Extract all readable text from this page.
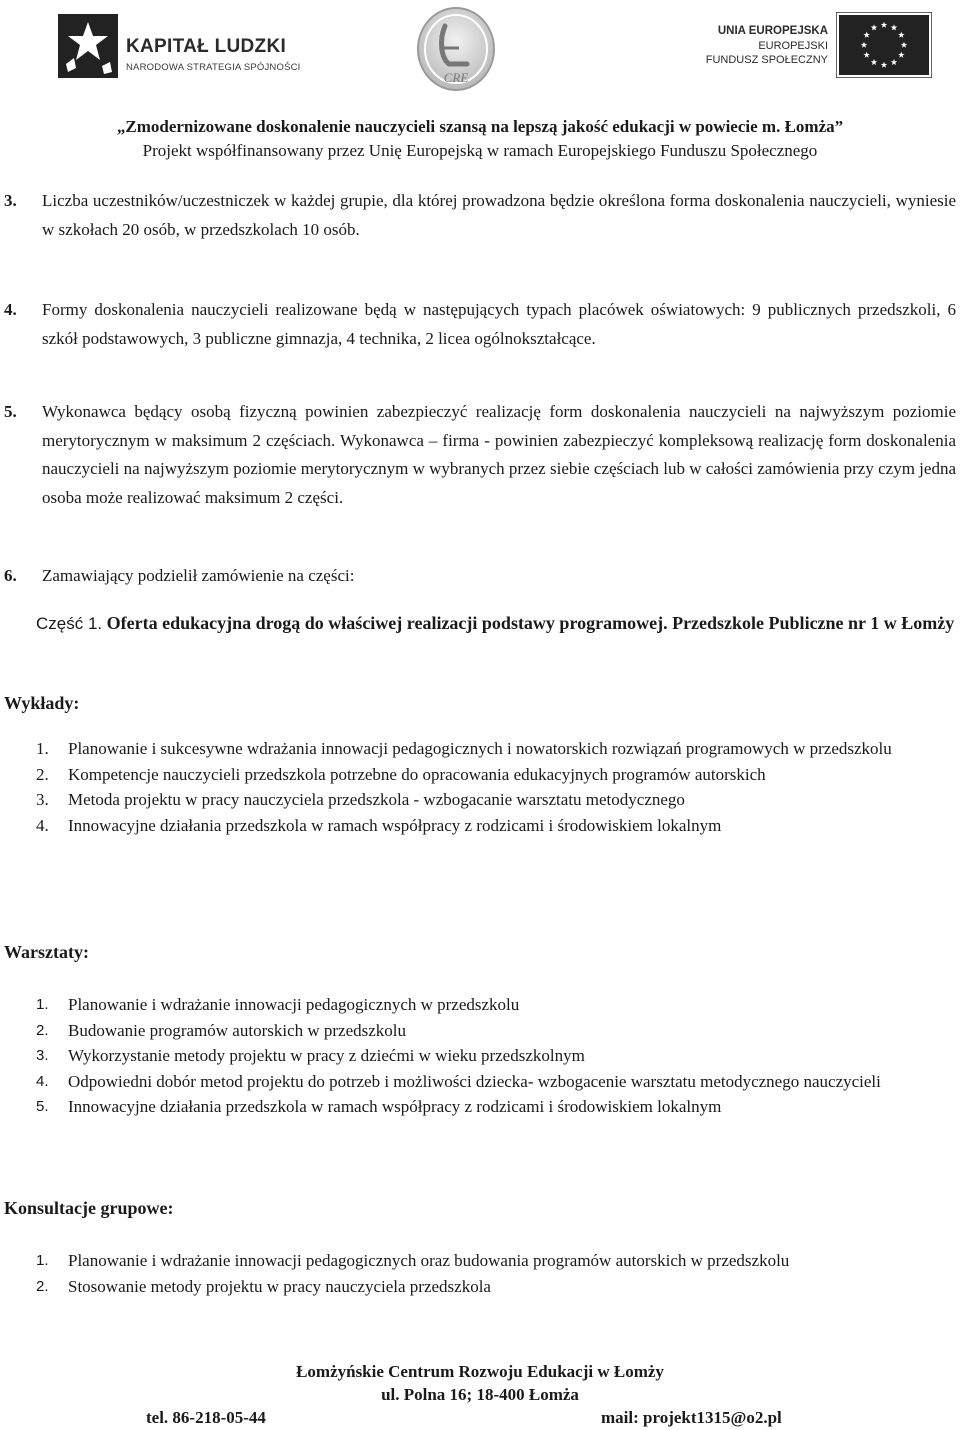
KAPITAŁ LUDZKI
NARODOWA STRATEGIA SPÓJNOŚCI
CRE
UNIA EUROPEJSKA
EUROPEJSKI
FUNDUSZ SPOŁECZNY
„Zmodernizowane doskonalenie nauczycieli szansą na lepszą jakość edukacji w powiecie m. Łomża”
Projekt współfinansowany przez Unię Europejską w ramach Europejskiego Funduszu Społecznego
3. Liczba uczestników/uczestniczek w każdej grupie, dla której prowadzona będzie określona forma doskonalenia nauczycieli, wyniesie w szkołach 20 osób, w przedszkolach 10 osób.
4. Formy doskonalenia nauczycieli realizowane będą w następujących typach placówek oświatowych: 9 publicznych przedszkoli, 6 szkół podstawowych, 3 publiczne gimnazja, 4 technika, 2 licea ogólnokształcące.
5. Wykonawca będący osobą fizyczną powinien zabezpieczyć realizację form doskonalenia nauczycieli na najwyższym poziomie merytorycznym w maksimum 2 częściach. Wykonawca – firma - powinien zabezpieczyć kompleksową realizację form doskonalenia nauczycieli na najwyższym poziomie merytorycznym w wybranych przez siebie częściach lub w całości zamówienia przy czym jedna osoba może realizować maksimum 2 części.
6. Zamawiający podzielił zamówienie na części:
Część 1. Oferta edukacyjna drogą do właściwej realizacji podstawy programowej. Przedszkole Publiczne nr 1 w Łomży
Wykłady:
1. Planowanie i sukcesywne wdrażania innowacji pedagogicznych i nowatorskich rozwiązań programowych w przedszkolu
2. Kompetencje nauczycieli przedszkola potrzebne do opracowania edukacyjnych programów autorskich
3. Metoda projektu w pracy nauczyciela przedszkola - wzbogacanie warsztatu metodycznego
4. Innowacyjne działania przedszkola w ramach współpracy z rodzicami i środowiskiem lokalnym
Warsztaty:
1. Planowanie i wdrażanie innowacji pedagogicznych w przedszkolu
2. Budowanie programów autorskich w przedszkolu
3. Wykorzystanie metody projektu w pracy z dziećmi w wieku przedszkolnym
4. Odpowiedni dobór metod projektu do potrzeb i możliwości dziecka- wzbogacenie warsztatu metodycznego nauczycieli
5. Innowacyjne działania przedszkola w ramach współpracy z rodzicami i środowiskiem lokalnym
Konsultacje grupowe:
1. Planowanie i wdrażanie innowacji pedagogicznych oraz budowania programów autorskich w przedszkolu
2. Stosowanie metody projektu w pracy nauczyciela przedszkola
Łomżyńskie Centrum Rozwoju Edukacji w Łomży
ul. Polna 16; 18-400 Łomża
tel. 86-218-05-44	mail: projekt1315@o2.pl
